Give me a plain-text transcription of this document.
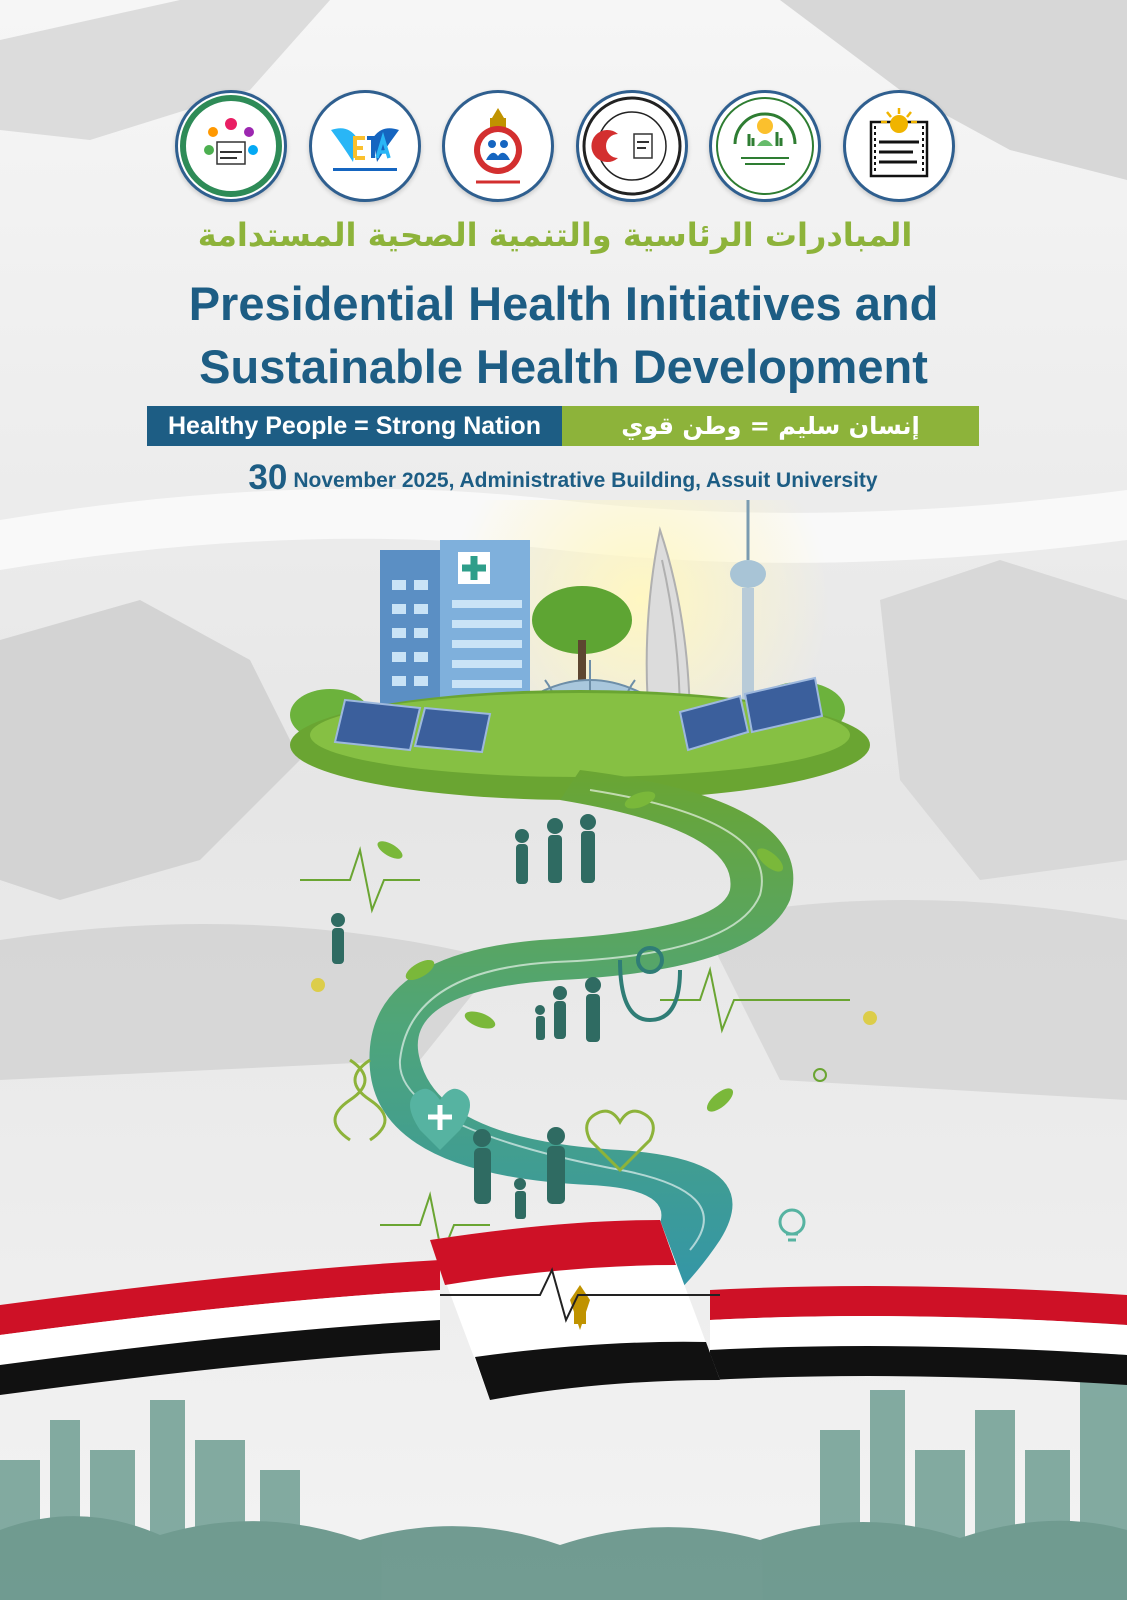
المبادرات الرئاسية والتنمية الصحية المستدامة
Presidential Health Initiatives and
Sustainable Health Development
Healthy People = Strong Nation	إنسان سليم = وطن قوي
30 November 2025, Administrative Building, Assuit University
